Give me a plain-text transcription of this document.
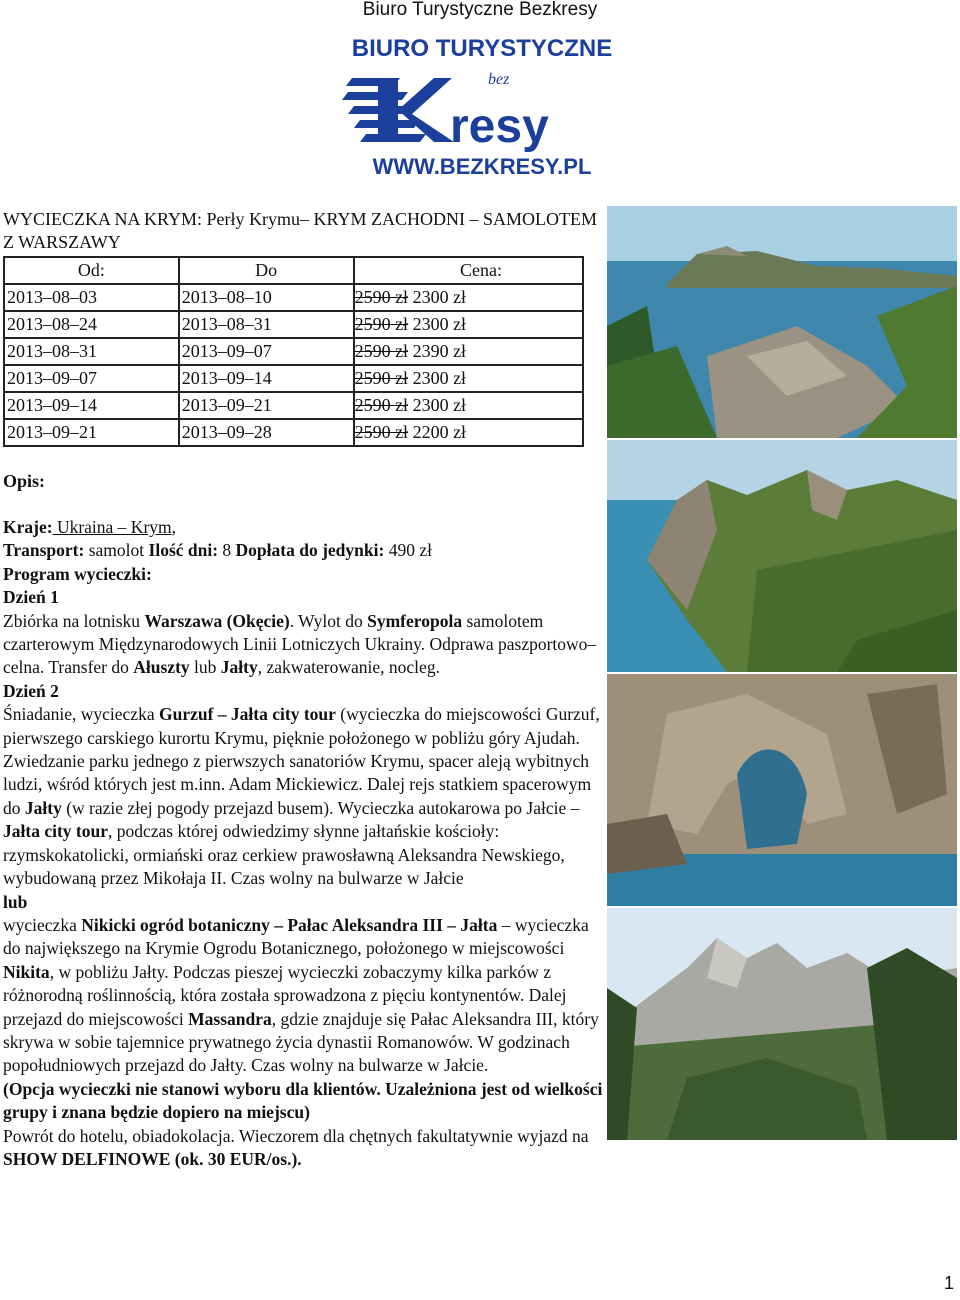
Biuro Turystyczne Bezkresy
BIURO TURYSTYCZNE
bez
resy
WWW.BEZKRESY.PL

WYCIECZKA NA KRYM: Perły Krymu– KRYM ZACHODNI – SAMOLOTEM Z WARSZAWY

Od:	Do	Cena:
2013–08–03	2013–08–10	2590 zł 2300 zł
2013–08–24	2013–08–31	2590 zł 2300 zł
2013–08–31	2013–09–07	2590 zł 2390 zł
2013–09–07	2013–09–14	2590 zł 2300 zł
2013–09–14	2013–09–21	2590 zł 2300 zł
2013–09–21	2013–09–28	2590 zł 2200 zł

Opis:

Kraje: Ukraina – Krym,
Transport: samolot Ilość dni: 8 Dopłata do jedynki: 490 zł
Program wycieczki:

Dzień 1
Zbiórka na lotnisku Warszawa (Okęcie). Wylot do Symferopola samolotem czarterowym Międzynarodowych Linii Lotniczych Ukrainy. Odprawa paszportowo–celna. Transfer do Ałuszty lub Jałty, zakwaterowanie, nocleg.

Dzień 2
Śniadanie, wycieczka Gurzuf – Jałta city tour (wycieczka do miejscowości Gurzuf, pierwszego carskiego kurortu Krymu, pięknie położonego w pobliżu góry Ajudah. Zwiedzanie parku jednego z pierwszych sanatoriów Krymu, spacer aleją wybitnych ludzi, wśród których jest m.inn. Adam Mickiewicz. Dalej rejs statkiem spacerowym do Jałty (w razie złej pogody przejazd busem). Wycieczka autokarowa po Jałcie – Jałta city tour, podczas której odwiedzimy słynne jałtańskie kościoły: rzymskokatolicki, ormiański oraz cerkiew prawosławną Aleksandra Newskiego, wybudowaną przez Mikołaja II. Czas wolny na bulwarze w Jałcie
lub
wycieczka Nikicki ogród botaniczny – Pałac Aleksandra III – Jałta – wycieczka do największego na Krymie Ogrodu Botanicznego, położonego w miejscowości Nikita, w pobliżu Jałty. Podczas pieszej wycieczki zobaczymy kilka parków z różnorodną roślinnością, która została sprowadzona z pięciu kontynentów. Dalej przejazd do miejscowości Massandra, gdzie znajduje się Pałac Aleksandra III, który skrywa w sobie tajemnice prywatnego życia dynastii Romanowów. W godzinach popołudniowych przejazd do Jałty. Czas wolny na bulwarze w Jałcie.
(Opcja wycieczki nie stanowi wyboru dla klientów. Uzależniona jest od wielkości grupy i znana będzie dopiero na miejscu)
Powrót do hotelu, obiadokolacja. Wieczorem dla chętnych fakultatywnie wyjazd na SHOW DELFINOWE (ok. 30 EUR/os.).

1
